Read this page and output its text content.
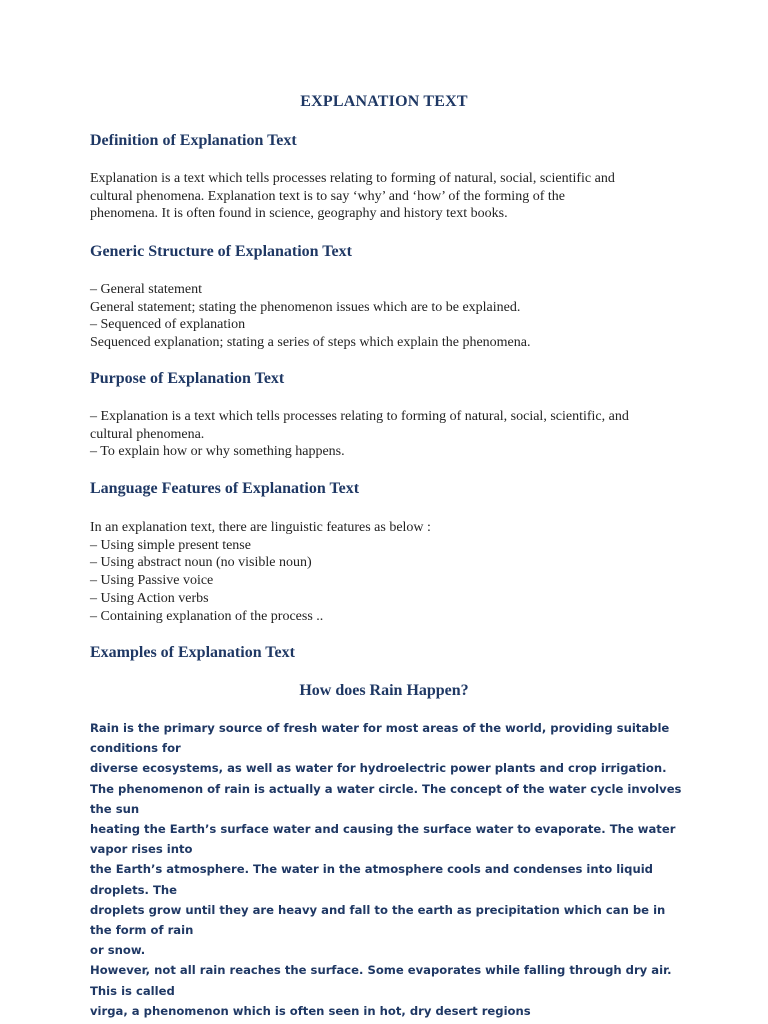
EXPLANATION TEXT
Definition of Explanation Text

Explanation is a text which tells processes relating to forming of natural, social, scientific and

cultural phenomena. Explanation text is to say ‘why’ and ‘how’ of the forming of the

phenomena. It is often found in science, geography and history text books.

Generic Structure of Explanation Text

– General statement

General statement; stating the phenomenon issues which are to be explained.

– Sequenced of explanation

Sequenced explanation; stating a series of steps which explain the phenomena.

Purpose of Explanation Text

– Explanation is a text which tells processes relating to forming of natural, social, scientific, and

cultural phenomena.

– To explain how or why something happens.

Language Features of Explanation Text

In an explanation text, there are linguistic features as below :

– Using simple present tense

– Using abstract noun (no visible noun)

– Using Passive voice

– Using Action verbs

– Containing explanation of the process ..

Examples of Explanation Text
How does Rain Happen?

Rain is the primary source of fresh water for most areas of the world, providing suitable conditions for

diverse ecosystems, as well as water for hydroelectric power plants and crop irrigation.

The phenomenon of rain is actually a water circle. The concept of the water cycle involves the sun

heating the Earth’s surface water and causing the surface water to evaporate. The water vapor rises into

the Earth’s atmosphere. The water in the atmosphere cools and condenses into liquid droplets. The

droplets grow until they are heavy and fall to the earth as precipitation which can be in the form of rain

or snow.

However, not all rain reaches the surface. Some evaporates while falling through dry air. This is called

virga, a phenomenon which is often seen in hot, dry desert regions
